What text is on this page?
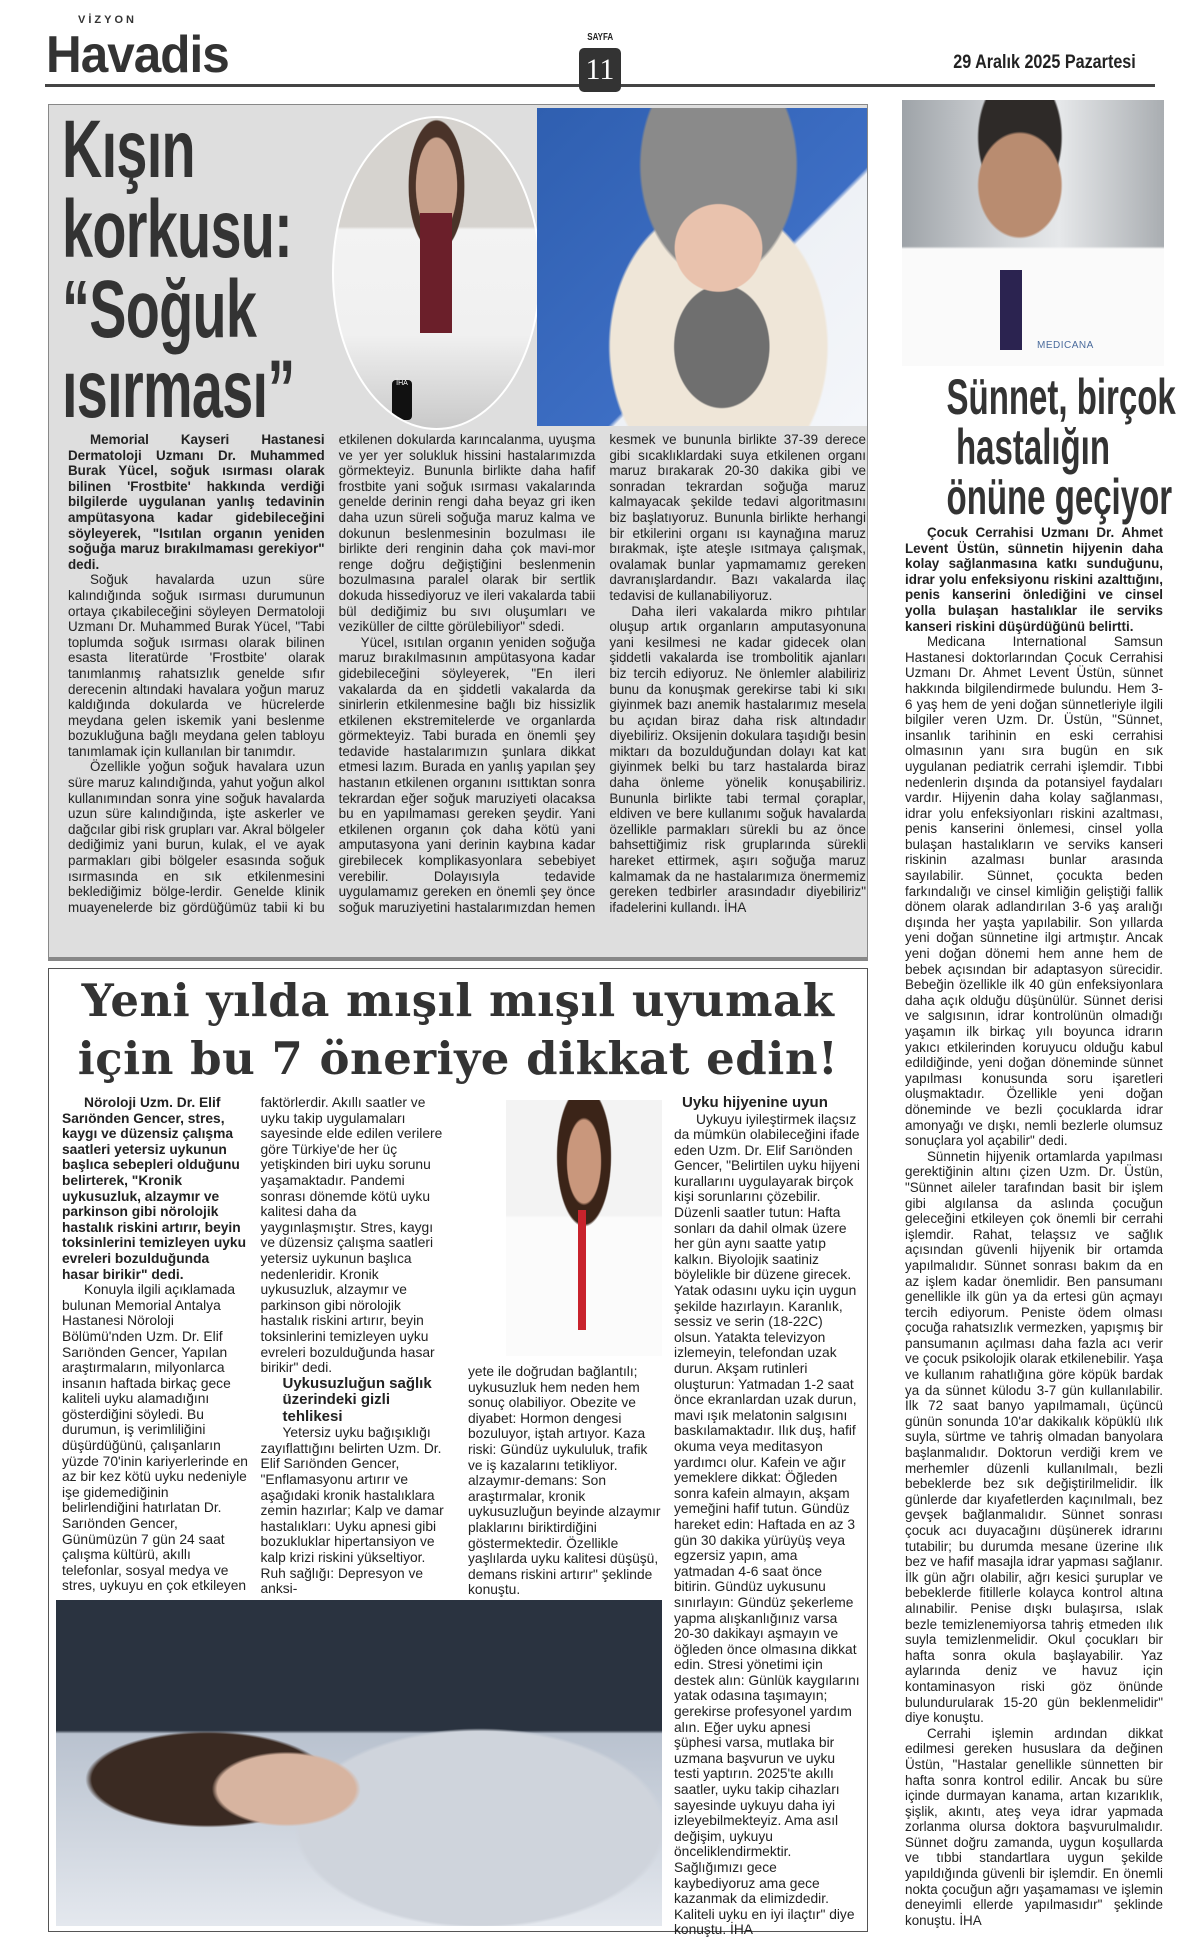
VİZYON
Havadis	SAYFA
11	29 Aralık 2025 Pazartesi
Kışın
korkusu:
“Soğuk
ısırması”	İHA

Memorial Kayseri Hastanesi Dermatoloji Uzmanı Dr. Muhammed Burak Yücel, soğuk ısırması olarak bilinen 'Frostbite' hakkında verdiği bilgilerde uygulanan yanlış tedavinin ampütasyona kadar gidebileceğini söyleyerek, "Isıtılan organın yeniden soğuğa maruz bırakılmaması gerekiyor" dedi.

Soğuk havalarda uzun süre kalındığında soğuk ısırması durumunun ortaya çıkabileceğini söyleyen Dermatoloji Uzmanı Dr. Muhammed Burak Yücel, "Tabi toplumda soğuk ısırması olarak bilinen esasta literatürde 'Frostbite' olarak tanımlanmış rahatsızlık genelde sıfır derecenin altındaki havalara yoğun maruz kaldığında dokularda ve hücrelerde meydana gelen iskemik yani beslenme bozukluğuna bağlı meydana gelen tabloyu tanımlamak için kullanılan bir tanımdır.

Özellikle yoğun soğuk havalara uzun süre maruz kalındığında, yahut yoğun alkol kullanımından sonra yine soğuk havalarda uzun süre kalındığında, işte askerler ve dağcılar gibi risk grupları var. Akral bölgeler dediğimiz yani burun, kulak, el ve ayak parmakları gibi bölgeler esasında soğuk ısırmasında en sık etkilenmesini beklediğimiz bölge-lerdir. Genelde klinik muayenelerde biz gördüğümüz tabii ki bu etkilenen dokularda karıncalanma, uyuşma ve yer yer solukluk hissini hastalarımızda görmekteyiz. Bununla birlikte daha hafif frostbite yani soğuk ısırması vakalarında genelde derinin rengi daha beyaz gri iken daha uzun süreli soğuğa maruz kalma ve dokunun beslenmesinin bozulması ile birlikte deri renginin daha çok mavi-mor renge doğru değiştiğini beslenmenin bozulmasına paralel olarak bir sertlik dokuda hissediyoruz ve ileri vakalarda tabii bül dediğimiz bu sıvı oluşumları ve veziküller de ciltte görülebiliyor" sdedi.

Yücel, ısıtılan organın yeniden soğuğa maruz bırakılmasının ampütasyona kadar gidebileceğini söyleyerek, "En ileri vakalarda da en şiddetli vakalarda da sinirlerin etkilenmesine bağlı biz hissizlik etkilenen ekstremitelerde ve organlarda görmekteyiz. Tabi burada en önemli şey tedavide hastalarımızın şunlara dikkat etmesi lazım. Burada en yanlış yapılan şey hastanın etkilenen organını ısıttıktan sonra tekrardan eğer soğuk maruziyeti olacaksa bu en yapılmaması gereken şeydir. Yani etkilenen organın çok daha kötü yani amputasyona yani derinin kaybına kadar girebilecek komplikasyonlara sebebiyet verebilir. Dolayısıyla tedavide uygulamamız gereken en önemli şey önce soğuk maruziyetini hastalarımızdan hemen kesmek ve bununla birlikte 37-39 derece gibi sıcaklıklardaki suya etkilenen organı maruz bırakarak 20-30 dakika gibi ve sonradan tekrardan soğuğa maruz kalmayacak şekilde tedavi algoritmasını biz başlatıyoruz. Bununla birlikte herhangi bir etkilerini organı ısı kaynağına maruz bırakmak, işte ateşle ısıtmaya çalışmak, ovalamak bunlar yapmamamız gereken davranışlardandır. Bazı vakalarda ilaç tedavisi de kullanabiliyoruz.

Daha ileri vakalarda mikro pıhtılar oluşup artık organların amputasyonuna yani kesilmesi ne kadar gidecek olan şiddetli vakalarda ise trombolitik ajanları biz tercih ediyoruz. Ne önlemler alabiliriz bunu da konuşmak gerekirse tabi ki sıkı giyinmek bazı anemik hastalarımız mesela bu açıdan biraz daha risk altındadır diyebiliriz. Oksijenin dokulara taşıdığı besin miktarı da bozulduğundan dolayı kat kat giyinmek belki bu tarz hastalarda biraz daha önleme yönelik konuşabiliriz. Bununla birlikte tabi termal çoraplar, eldiven ve bere kullanımı soğuk havalarda özellikle parmakları sürekli bu az önce bahsettiğimiz risk gruplarında sürekli hareket ettirmek, aşırı soğuğa maruz kalmamak da ne hastalarımıza önermemiz gereken tedbirler arasındadır diyebiliriz" ifadelerini kullandı. İHA

MEDICANA
Sünnet, birçok
hastalığın
önüne geçiyor

Çocuk Cerrahisi Uzmanı Dr. Ahmet Levent Üstün, sünnetin hijyenin daha kolay sağlanmasına katkı sunduğunu, idrar yolu enfeksiyonu riskini azalttığını, penis kanserini önlediğini ve cinsel yolla bulaşan hastalıklar ile serviks kanseri riskini düşürdüğünü belirtti.

Medicana International Samsun Hastanesi doktorlarından Çocuk Cerrahisi Uzmanı Dr. Ahmet Levent Üstün, sünnet hakkında bilgilendirmede bulundu. Hem 3-6 yaş hem de yeni doğan sünnetleriyle ilgili bilgiler veren Uzm. Dr. Üstün, "Sünnet, insanlık tarihinin en eski cerrahisi olmasının yanı sıra bugün en sık uygulanan pediatrik cerrahi işlemdir. Tıbbi nedenlerin dışında da potansiyel faydaları vardır. Hijyenin daha kolay sağlanması, idrar yolu enfeksiyonları riskini azaltması, penis kanserini önlemesi, cinsel yolla bulaşan hastalıkların ve serviks kanseri riskinin azalması bunlar arasında sayılabilir. Sünnet, çocukta beden farkındalığı ve cinsel kimliğin geliştiği fallik dönem olarak adlandırılan 3-6 yaş aralığı dışında her yaşta yapılabilir. Son yıllarda yeni doğan sünnetine ilgi artmıştır. Ancak yeni doğan dönemi hem anne hem de bebek açısından bir adaptasyon sürecidir. Bebeğin özellikle ilk 40 gün enfeksiyonlara daha açık olduğu düşünülür. Sünnet derisi ve salgısının, idrar kontrolünün olmadığı yaşamın ilk birkaç yılı boyunca idrarın yakıcı etkilerinden koruyucu olduğu kabul edildiğinde, yeni doğan döneminde sünnet yapılması konusunda soru işaretleri oluşmaktadır. Özellikle yeni doğan döneminde ve bezli çocuklarda idrar amonyağı ve dışkı, nemli bezlerle olumsuz sonuçlara yol açabilir" dedi.

Sünnetin hijyenik ortamlarda yapılması gerektiğinin altını çizen Uzm. Dr. Üstün, "Sünnet aileler tarafından basit bir işlem gibi algılansa da aslında çocuğun geleceğini etkileyen çok önemli bir cerrahi işlemdir. Rahat, telaşsız ve sağlık açısından güvenli hijyenik bir ortamda yapılmalıdır. Sünnet sonrası bakım da en az işlem kadar önemlidir. Ben pansumanı genellikle ilk gün ya da ertesi gün açmayı tercih ediyorum. Peniste ödem olması çocuğa rahatsızlık vermezken, yapışmış bir pansumanın açılması daha fazla acı verir ve çocuk psikolojik olarak etkilenebilir. Yaşa ve kullanım rahatlığına göre köpük bardak ya da sünnet külodu 3-7 gün kullanılabilir. İlk 72 saat banyo yapılmamalı, üçüncü günün sonunda 10'ar dakikalık köpüklü ılık suyla, sürtme ve tahriş olmadan banyolara başlanmalıdır. Doktorun verdiği krem ve merhemler düzenli kullanılmalı, bezli bebeklerde bez sık değiştirilmelidir. İlk günlerde dar kıyafetlerden kaçınılmalı, bez gevşek bağlanmalıdır. Sünnet sonrası çocuk acı duyacağını düşünerek idrarını tutabilir; bu durumda mesane üzerine ılık bez ve hafif masajla idrar yapması sağlanır. İlk gün ağrı olabilir, ağrı kesici şuruplar ve bebeklerde fitillerle kolayca kontrol altına alınabilir. Penise dışkı bulaşırsa, ıslak bezle temizlenemiyorsa tahriş etmeden ılık suyla temizlenmelidir. Okul çocukları bir hafta sonra okula başlayabilir. Yaz aylarında deniz ve havuz için kontaminasyon riski göz önünde bulundurularak 15-20 gün beklenmelidir" diye konuştu.

Cerrahi işlemin ardından dikkat edilmesi gereken hususlara da değinen Üstün, "Hastalar genellikle sünnetten bir hafta sonra kontrol edilir. Ancak bu süre içinde durmayan kanama, artan kızarıklık, şişlik, akıntı, ateş veya idrar yapmada zorlanma olursa doktora başvurulmalıdır. Sünnet doğru zamanda, uygun koşullarda ve tıbbi standartlara uygun şekilde yapıldığında güvenli bir işlemdir. En önemli nokta çocuğun ağrı yaşamaması ve işlemin deneyimli ellerde yapılmasıdır" şeklinde konuştu. İHA

Yeni yılda mışıl mışıl uyumak
için bu 7 öneriye dikkat edin!

Nöroloji Uzm. Dr. Elif Sarıönden Gencer, stres, kaygı ve düzensiz çalışma saatleri yetersiz uykunun başlıca sebepleri olduğunu belirterek, "Kronik uykusuzluk, alzaymır ve parkinson gibi nörolojik hastalık riskini artırır, beyin toksinlerini temizleyen uyku evreleri bozulduğunda hasar birikir" dedi.

Konuyla ilgili açıklamada bulunan Memorial Antalya Hastanesi Nöroloji Bölümü'nden Uzm. Dr. Elif Sarıönden Gencer, Yapılan araştırmaların, milyonlarca insanın haftada birkaç gece kaliteli uyku alamadığını gösterdiğini söyledi. Bu durumun, iş verimliliğini düşürdüğünü, çalışanların yüzde 70'inin kariyerlerinde en az bir kez kötü uyku nedeniyle işe gidemediğinin belirlendiğini hatırlatan Dr. Sarıönden Gencer, Günümüzün 7 gün 24 saat çalışma kültürü, akıllı telefonlar, sosyal medya ve stres, uykuyu en çok etkileyen faktörlerdir. Akıllı saatler ve uyku takip uygulamaları sayesinde elde edilen verilere göre Türkiye'de her üç yetişkinden biri uyku sorunu yaşamaktadır. Pandemi sonrası dönemde kötü uyku kalitesi daha da yaygınlaşmıştır. Stres, kaygı ve düzensiz çalışma saatleri yetersiz uykunun başlıca nedenleridir. Kronik uykusuzluk, alzaymır ve parkinson gibi nörolojik hastalık riskini artırır, beyin toksinlerini temizleyen uyku evreleri bozulduğunda hasar birikir" dedi.

Uykusuzluğun sağlık üzerindeki gizli tehlikesi

Yetersiz uyku bağışıklığı zayıflattığını belirten Uzm. Dr. Elif Sarıönden Gencer, "Enflamasyonu artırır ve aşağıdaki kronik hastalıklara zemin hazırlar; Kalp ve damar hastalıkları: Uyku apnesi gibi bozukluklar hipertansiyon ve kalp krizi riskini yükseltiyor. Ruh sağlığı: Depresyon ve anksi-

yete ile doğrudan bağlantılı; uykusuzluk hem neden hem sonuç olabiliyor. Obezite ve diyabet: Hormon dengesi bozuluyor, iştah artıyor. Kaza riski: Gündüz uykululuk, trafik ve iş kazalarını tetikliyor. alzaymır-demans: Son araştırmalar, kronik uykusuzluğun beyinde alzaymır plaklarını biriktirdiğini göstermektedir. Özellikle yaşlılarda uyku kalitesi düşüşü, demans riskini artırır" şeklinde konuştu.

Uyku hijyenine uyun

Uykuyu iyileştirmek ilaçsız da mümkün olabileceğini ifade eden Uzm. Dr. Elif Sarıönden Gencer, "Belirtilen uyku hijyeni kurallarını uygulayarak birçok kişi sorunlarını çözebilir. Düzenli saatler tutun: Hafta sonları da dahil olmak üzere her gün aynı saatte yatıp kalkın. Biyolojik saatiniz böylelikle bir düzene girecek. Yatak odasını uyku için uygun şekilde hazırlayın. Karanlık, sessiz ve serin (18-22C) olsun. Yatakta televizyon izlemeyin, telefondan uzak durun. Akşam rutinleri oluşturun: Yatmadan 1-2 saat önce ekranlardan uzak durun, mavi ışık melatonin salgısını baskılamaktadır. Ilık duş, hafif okuma veya meditasyon yardımcı olur. Kafein ve ağır yemeklere dikkat: Öğleden sonra kafein almayın, akşam yemeğini hafif tutun. Gündüz hareket edin: Haftada en az 3 gün 30 dakika yürüyüş veya egzersiz yapın, ama yatmadan 4-6 saat önce bitirin. Gündüz uykusunu sınırlayın: Gündüz şekerleme yapma alışkanlığınız varsa 20-30 dakikayı aşmayın ve öğleden önce olmasına dikkat edin. Stresi yönetimi için destek alın: Günlük kaygılarını yatak odasına taşımayın; gerekirse profesyonel yardım alın. Eğer uyku apnesi şüphesi varsa, mutlaka bir uzmana başvurun ve uyku testi yaptırın. 2025'te akıllı saatler, uyku takip cihazları sayesinde uykuyu daha iyi izleyebilmekteyiz. Ama asıl değişim, uykuyu önceliklendirmektir. Sağlığımızı gece kaybediyoruz ama gece kazanmak da elimizdedir. Kaliteli uyku en iyi ilaçtır" diye konuştu. İHA
